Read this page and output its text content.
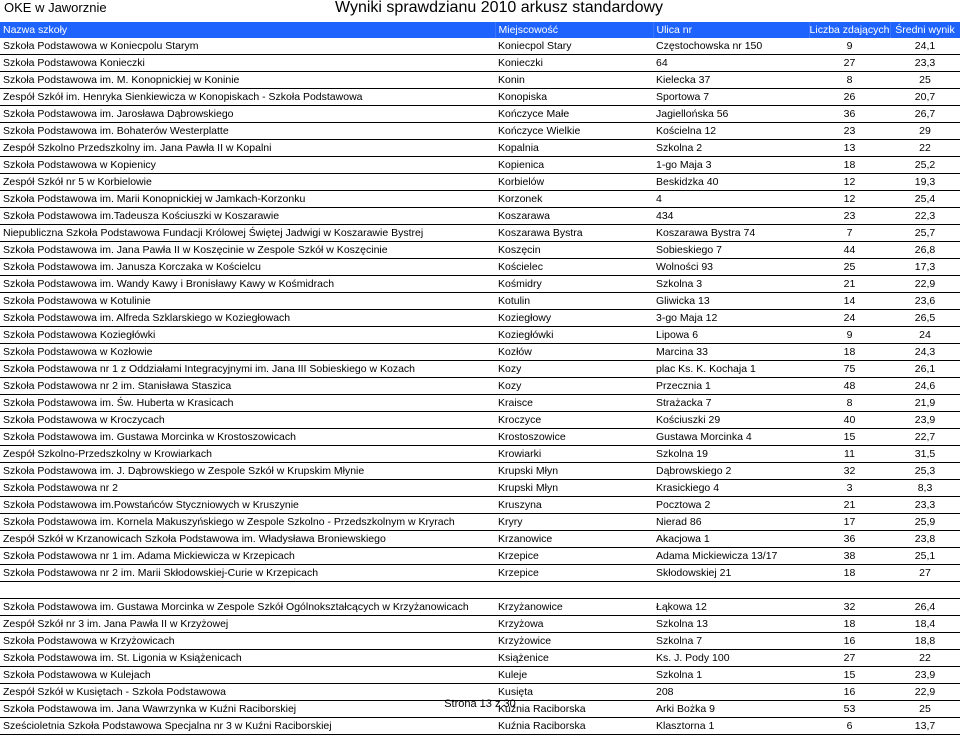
OKE w Jaworznie	Wyniki sprawdzianu 2010 arkusz standardowy
Nazwa szkoły	Miejscowość	Ulica nr	Liczba zdających	Średni wynik
Szkoła Podstawowa w Koniecpolu Starym	Koniecpol Stary	Częstochowska nr 150	9	24,1
Szkoła Podstawowa Konieczki	Konieczki	64	27	23,3
Szkoła Podstawowa im. M. Konopnickiej w Koninie	Konin	Kielecka 37	8	25
Zespół Szkół im. Henryka Sienkiewicza w Konopiskach - Szkoła Podstawowa	Konopiska	Sportowa 7	26	20,7
Szkoła Podstawowa im. Jarosława Dąbrowskiego	Kończyce Małe	Jagiellońska 56	36	26,7
Szkoła Podstawowa im. Bohaterów Westerplatte	Kończyce Wielkie	Kościelna 12	23	29
Zespół Szkolno Przedszkolny im. Jana Pawła II w Kopalni	Kopalnia	Szkolna 2	13	22
Szkoła Podstawowa w Kopienicy	Kopienica	1-go Maja 3	18	25,2
Zespół Szkół nr 5 w Korbielowie	Korbielów	Beskidzka 40	12	19,3
Szkoła Podstawowa im. Marii Konopnickiej w Jamkach-Korzonku	Korzonek	4	12	25,4
Szkoła Podstawowa im.Tadeusza Kościuszki w Koszarawie	Koszarawa	434	23	22,3
Niepubliczna Szkoła Podstawowa Fundacji Królowej Świętej Jadwigi w Koszarawie Bystrej	Koszarawa Bystra	Koszarawa Bystra 74	7	25,7
Szkoła Podstawowa im. Jana Pawła II w Koszęcinie w Zespole Szkół w Koszęcinie	Koszęcin	Sobieskiego 7	44	26,8
Szkoła Podstawowa im. Janusza Korczaka w Kościelcu	Kościelec	Wolności 93	25	17,3
Szkoła Podstawowa im. Wandy Kawy i Bronisławy Kawy w Kośmidrach	Kośmidry	Szkolna 3	21	22,9
Szkoła Podstawowa w Kotulinie	Kotulin	Gliwicka 13	14	23,6
Szkoła Podstawowa im. Alfreda Szklarskiego w Koziegłowach	Koziegłowy	3-go Maja 12	24	26,5
Szkoła Podstawowa Koziegłówki	Koziegłówki	Lipowa 6	9	24
Szkoła Podstawowa w Kozłowie	Kozłów	Marcina 33	18	24,3
Szkoła Podstawowa nr 1 z Oddziałami Integracyjnymi im. Jana III Sobieskiego w Kozach	Kozy	plac Ks. K. Kochaja 1	75	26,1
Szkoła Podstawowa nr 2 im. Stanisława Staszica	Kozy	Przecznia 1	48	24,6
Szkoła Podstawowa im. Św. Huberta w Krasicach	Kraisce	Strażacka 7	8	21,9
Szkoła Podstawowa w Kroczycach	Kroczyce	Kościuszki 29	40	23,9
Szkoła Podstawowa im. Gustawa Morcinka w Krostoszowicach	Krostoszowice	Gustawa Morcinka 4	15	22,7
Zespół Szkolno-Przedszkolny w Krowiarkach	Krowiarki	Szkolna 19	11	31,5
Szkoła Podstawowa im. J. Dąbrowskiego w Zespole Szkół w Krupskim Młynie	Krupski Młyn	Dąbrowskiego 2	32	25,3
Szkoła Podstawowa nr 2	Krupski Młyn	Krasickiego 4	3	8,3
Szkoła Podstawowa im.Powstańców Styczniowych w Kruszynie	Kruszyna	Pocztowa 2	21	23,3
Szkoła Podstawowa im. Kornela Makuszyńskiego w Zespole Szkolno - Przedszkolnym w Kryrach	Kryry	Nierad 86	17	25,9
Zespół Szkół w Krzanowicach Szkoła Podstawowa im. Władysława Broniewskiego	Krzanowice	Akacjowa 1	36	23,8
Szkoła Podstawowa nr 1 im. Adama Mickiewicza w Krzepicach	Krzepice	Adama Mickiewicza 13/17	38	25,1
Szkoła Podstawowa nr 2 im. Marii Skłodowskiej-Curie w Krzepicach	Krzepice	Skłodowskiej 21	18	27

Szkoła Podstawowa im. Gustawa Morcinka w Zespole Szkół Ogólnokształcących w Krzyżanowicach	Krzyżanowice	Łąkowa 12	32	26,4
Zespół Szkół nr 3 im. Jana Pawła II w Krzyżowej	Krzyżowa	Szkolna 13	18	18,4
Szkoła Podstawowa w Krzyżowicach	Krzyżowice	Szkolna 7	16	18,8
Szkoła Podstawowa im. St. Ligonia w Książenicach	Książenice	Ks. J. Pody 100	27	22
Szkoła Podstawowa w Kulejach	Kuleje	Szkolna 1	15	23,9
Zespół Szkół w Kusiętach - Szkoła Podstawowa	Kusięta	208	16	22,9
Szkoła Podstawowa im. Jana Wawrzynka w Kuźni Raciborskiej	Kuźnia Raciborska	Arki Bożka 9	53	25
Sześcioletnia Szkoła Podstawowa Specjalna nr 3 w Kuźni Raciborskiej	Kuźnia Raciborska	Klasztorna 1	6	13,7
Strona 13 z 30
